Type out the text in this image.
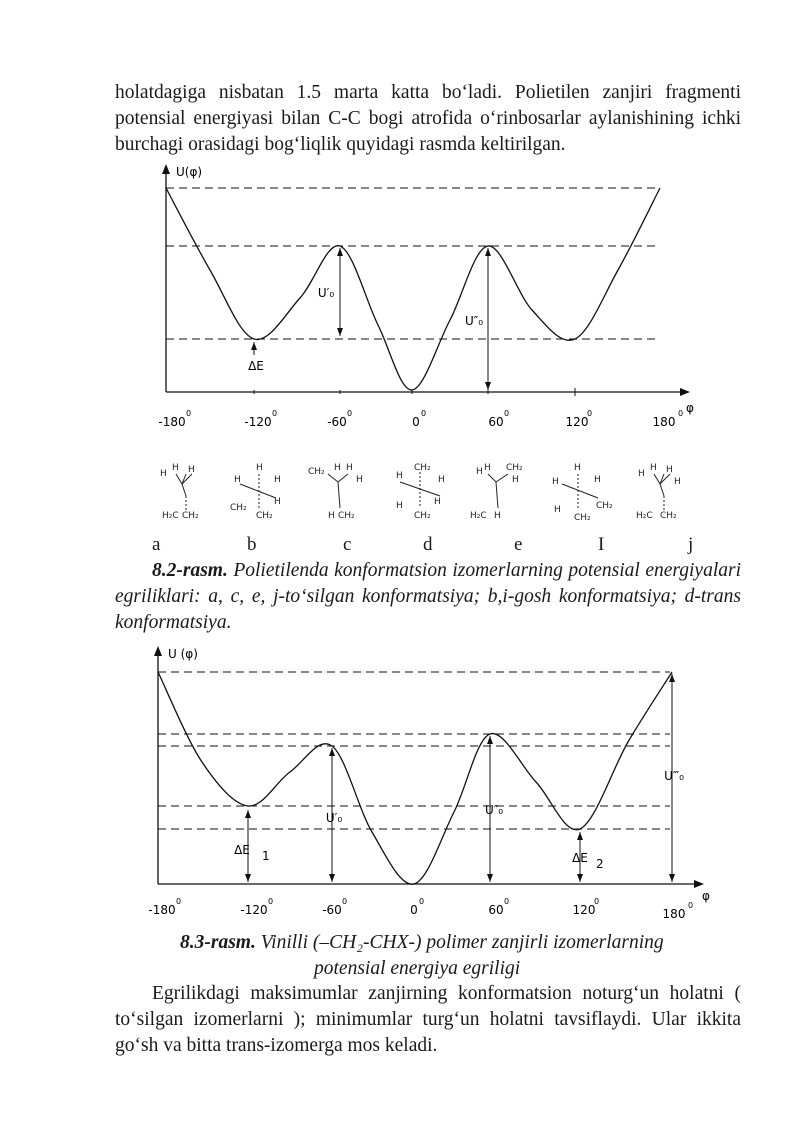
holatdagiga nisbatan 1.5 marta katta bo‘ladi. Polietilen zanjiri fragmenti potensial energiyasi bilan C-C bogi atrofida o‘rinbosarlar aylanishining ichki burchagi orasidagi bog‘liqlik quyidagi rasmda keltirilgan.

U(φ)
φ
U′₀
U″₀
ΔE
-180
0
-120
0
-60
0
0
0
60
0
120
0
180
0
H
H H
H₂C CH₂
H
H	H
CH₂
H
CH₂
CH₂ H H
H
H CH₂
CH₂
H	H
H	H
CH₂
H H CH₂
H
H₂C H
H
H	H
H	CH₂
CH₂
H
H H
H
H₂C CH₂
a	b	c	d	e	I	j

8.2-rasm. Polietilenda konformatsion izomerlarning potensial energiyalari egriliklari: a, c, e, j-to‘silgan konformatsiya; b,i-gosh konformatsiya; d-trans konformatsiya.

U (φ)
φ
U′₀
U″₀
U‴₀
ΔE 1	ΔE 2
-180
0
-120
0
-60
0
0
0
60
0
120
0
180
0

8.3-rasm. Vinilli (–CH₂-CHX-) polimer zanjirli izomerlarning

potensial energiya egriligi

Egrilikdagi maksimumlar zanjirning konformatsion noturg‘un holatni ( to‘silgan izomerlarni ); minimumlar turg‘un holatni tavsiflaydi. Ular ikkita go‘sh va bitta trans-izomerga mos keladi.
